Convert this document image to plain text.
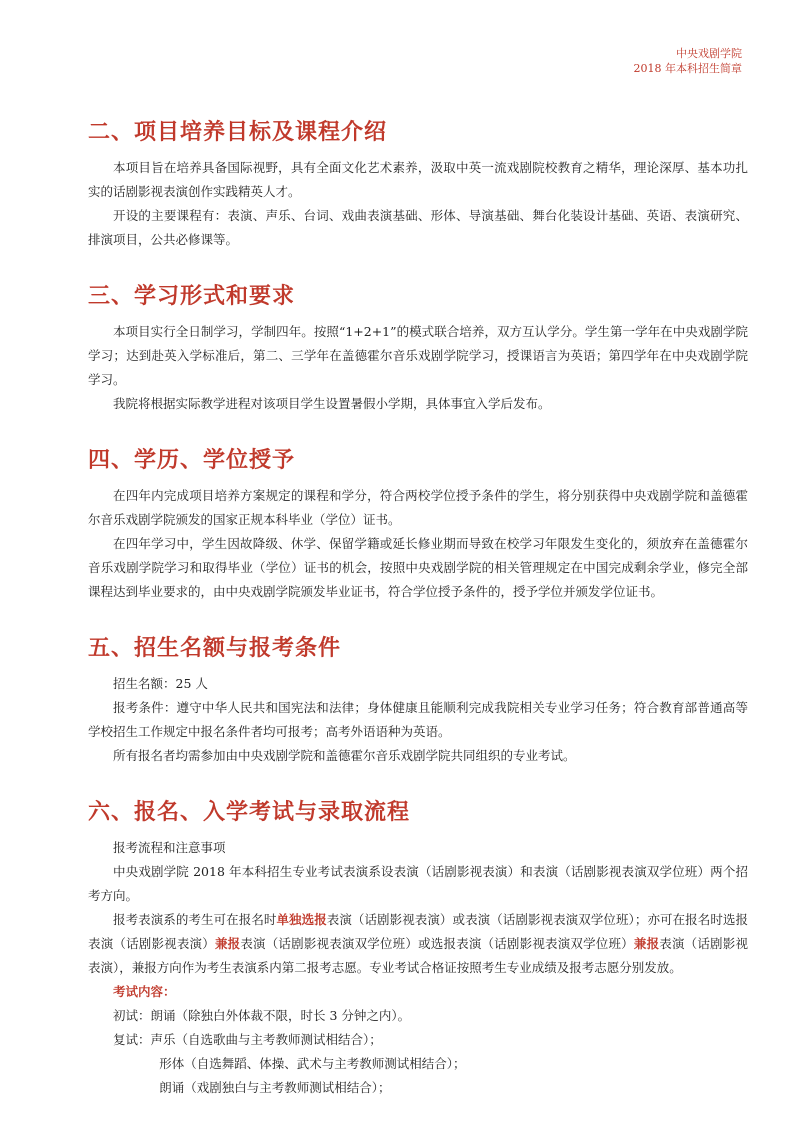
中央戏剧学院
2018 年本科招生简章
二、项目培养目标及课程介绍

本项目旨在培养具备国际视野，具有全面文化艺术素养，汲取中英一流戏剧院校教育之精华，理论深厚、基本功扎实的话剧影视表演创作实践精英人才。

开设的主要课程有：表演、声乐、台词、戏曲表演基础、形体、导演基础、舞台化装设计基础、英语、表演研究、排演项目，公共必修课等。

三、学习形式和要求

本项目实行全日制学习，学制四年。按照“1+2+1”的模式联合培养，双方互认学分。学生第一学年在中央戏剧学院学习；达到赴英入学标准后，第二、三学年在盖德霍尔音乐戏剧学院学习，授课语言为英语；第四学年在中央戏剧学院学习。

我院将根据实际教学进程对该项目学生设置暑假小学期，具体事宜入学后发布。

四、学历、学位授予

在四年内完成项目培养方案规定的课程和学分，符合两校学位授予条件的学生，将分别获得中央戏剧学院和盖德霍尔音乐戏剧学院颁发的国家正规本科毕业（学位）证书。

在四年学习中，学生因故降级、休学、保留学籍或延长修业期而导致在校学习年限发生变化的，须放弃在盖德霍尔音乐戏剧学院学习和取得毕业（学位）证书的机会，按照中央戏剧学院的相关管理规定在中国完成剩余学业，修完全部课程达到毕业要求的，由中央戏剧学院颁发毕业证书，符合学位授予条件的，授予学位并颁发学位证书。

五、招生名额与报考条件

招生名额：25 人

报考条件：遵守中华人民共和国宪法和法律；身体健康且能顺利完成我院相关专业学习任务；符合教育部普通高等学校招生工作规定中报名条件者均可报考；高考外语语种为英语。

所有报名者均需参加由中央戏剧学院和盖德霍尔音乐戏剧学院共同组织的专业考试。

六、报名、入学考试与录取流程

报考流程和注意事项

中央戏剧学院 2018 年本科招生专业考试表演系设表演（话剧影视表演）和表演（话剧影视表演双学位班）两个招考方向。

报考表演系的考生可在报名时单独选报表演（话剧影视表演）或表演（话剧影视表演双学位班）；亦可在报名时选报表演（话剧影视表演）兼报表演（话剧影视表演双学位班）或选报表演（话剧影视表演双学位班）兼报表演（话剧影视表演），兼报方向作为考生表演系内第二报考志愿。专业考试合格证按照考生专业成绩及报考志愿分别发放。

考试内容：
初试：朗诵（除独白外体裁不限，时长 3 分钟之内）。
复试：声乐（自选歌曲与主考教师测试相结合）；
形体（自选舞蹈、体操、武术与主考教师测试相结合）；
朗诵（戏剧独白与主考教师测试相结合）；
